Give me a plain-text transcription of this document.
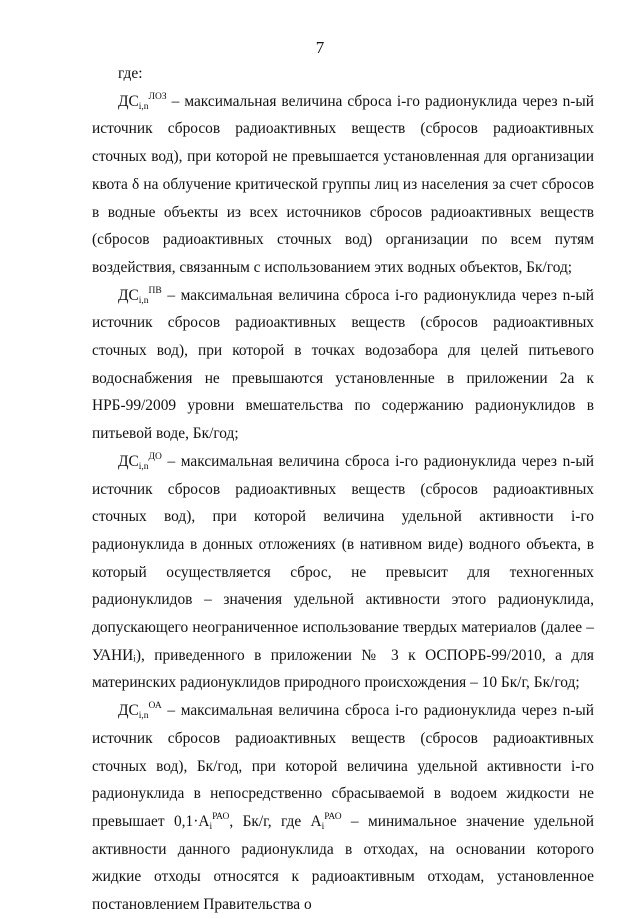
7

где:

$ДС_{i,n}^{ЛОЗ}$ – максимальная величина сброса i-го радионуклида через n-ый источник сбросов радиоактивных веществ (сбросов радиоактивных сточных вод), при которой не превышается установленная для организации квота δ на облучение критической группы лиц из населения за счет сбросов в водные объекты из всех источников сбросов радиоактивных веществ (сбросов радиоактивных сточных вод) организации по всем путям воздействия, связанным с использованием этих водных объектов, Бк/год;

$ДС_{i,n}^{ПВ}$ – максимальная величина сброса i-го радионуклида через n-ый источник сбросов радиоактивных веществ (сбросов радиоактивных сточных вод), при которой в точках водозабора для целей питьевого водоснабжения не превышаются установленные в приложении 2а к НРБ-99/2009 уровни вмешательства по содержанию радионуклидов в питьевой воде, Бк/год;

$ДС_{i,n}^{ДО}$ – максимальная величина сброса i-го радионуклида через n-ый источник сбросов радиоактивных веществ (сбросов радиоактивных сточных вод), при которой величина удельной активности i-го радионуклида в донных отложениях (в нативном виде) водного объекта, в который осуществляется сброс, не превысит для техногенных радионуклидов – значения удельной активности этого радионуклида, допускающего неограниченное использование твердых материалов (далее – УАНИᵢ), приведенного в приложении № 3 к ОСПОРБ-99/2010, а для материнских радионуклидов природного происхождения – 10 Бк/г, Бк/год;

$ДС_{i,n}^{ОА}$ – максимальная величина сброса i-го радионуклида через n-ый источник сбросов радиоактивных веществ (сбросов радиоактивных сточных вод), Бк/год, при которой величина удельной активности i-го радионуклида в непосредственно сбрасываемой в водоем жидкости не превышает $0,1\cdot A_i^{РАО}$, Бк/г, где $A_i^{РАО}$ – минимальное значение удельной активности данного радионуклида в отходах, на основании которого жидкие отходы относятся к радиоактивным отходам, установленное постановлением Правительства о
